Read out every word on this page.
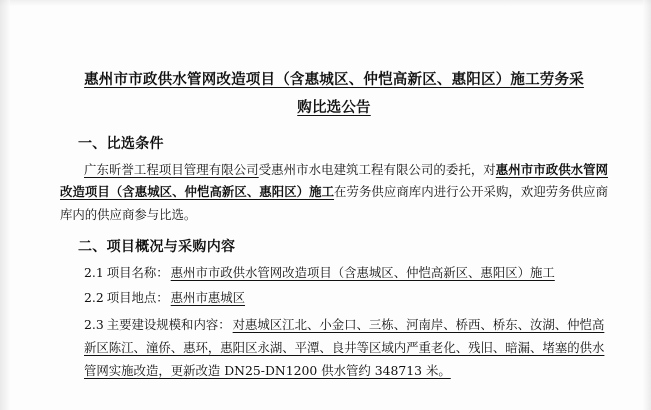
惠州市市政供水管网改造项目（含惠城区、仲恺高新区、惠阳区）施工劳务采
购比选公告
一、比选条件

广东昕誉工程项目管理有限公司受惠州市水电建筑工程有限公司的委托，对惠州市市政供水管网改造项目（含惠城区、仲恺高新区、惠阳区）施工在劳务供应商库内进行公开采购，欢迎劳务供应商库内的供应商参与比选。

二、项目概况与采购内容

2.1 项目名称： 惠州市市政供水管网改造项目（含惠城区、仲恺高新区、惠阳区）施工

2.2 项目地点： 惠州市惠城区

2.3 主要建设规模和内容： 对惠城区江北、小金口、三栋、河南岸、桥西、桥东、汝湖、仲恺高新区陈江、潼侨、惠环，惠阳区永湖、平潭、良井等区域内严重老化、残旧、暗漏、堵塞的供水管网实施改造，更新改造 DN25-DN1200 供水管约 348713 米。
